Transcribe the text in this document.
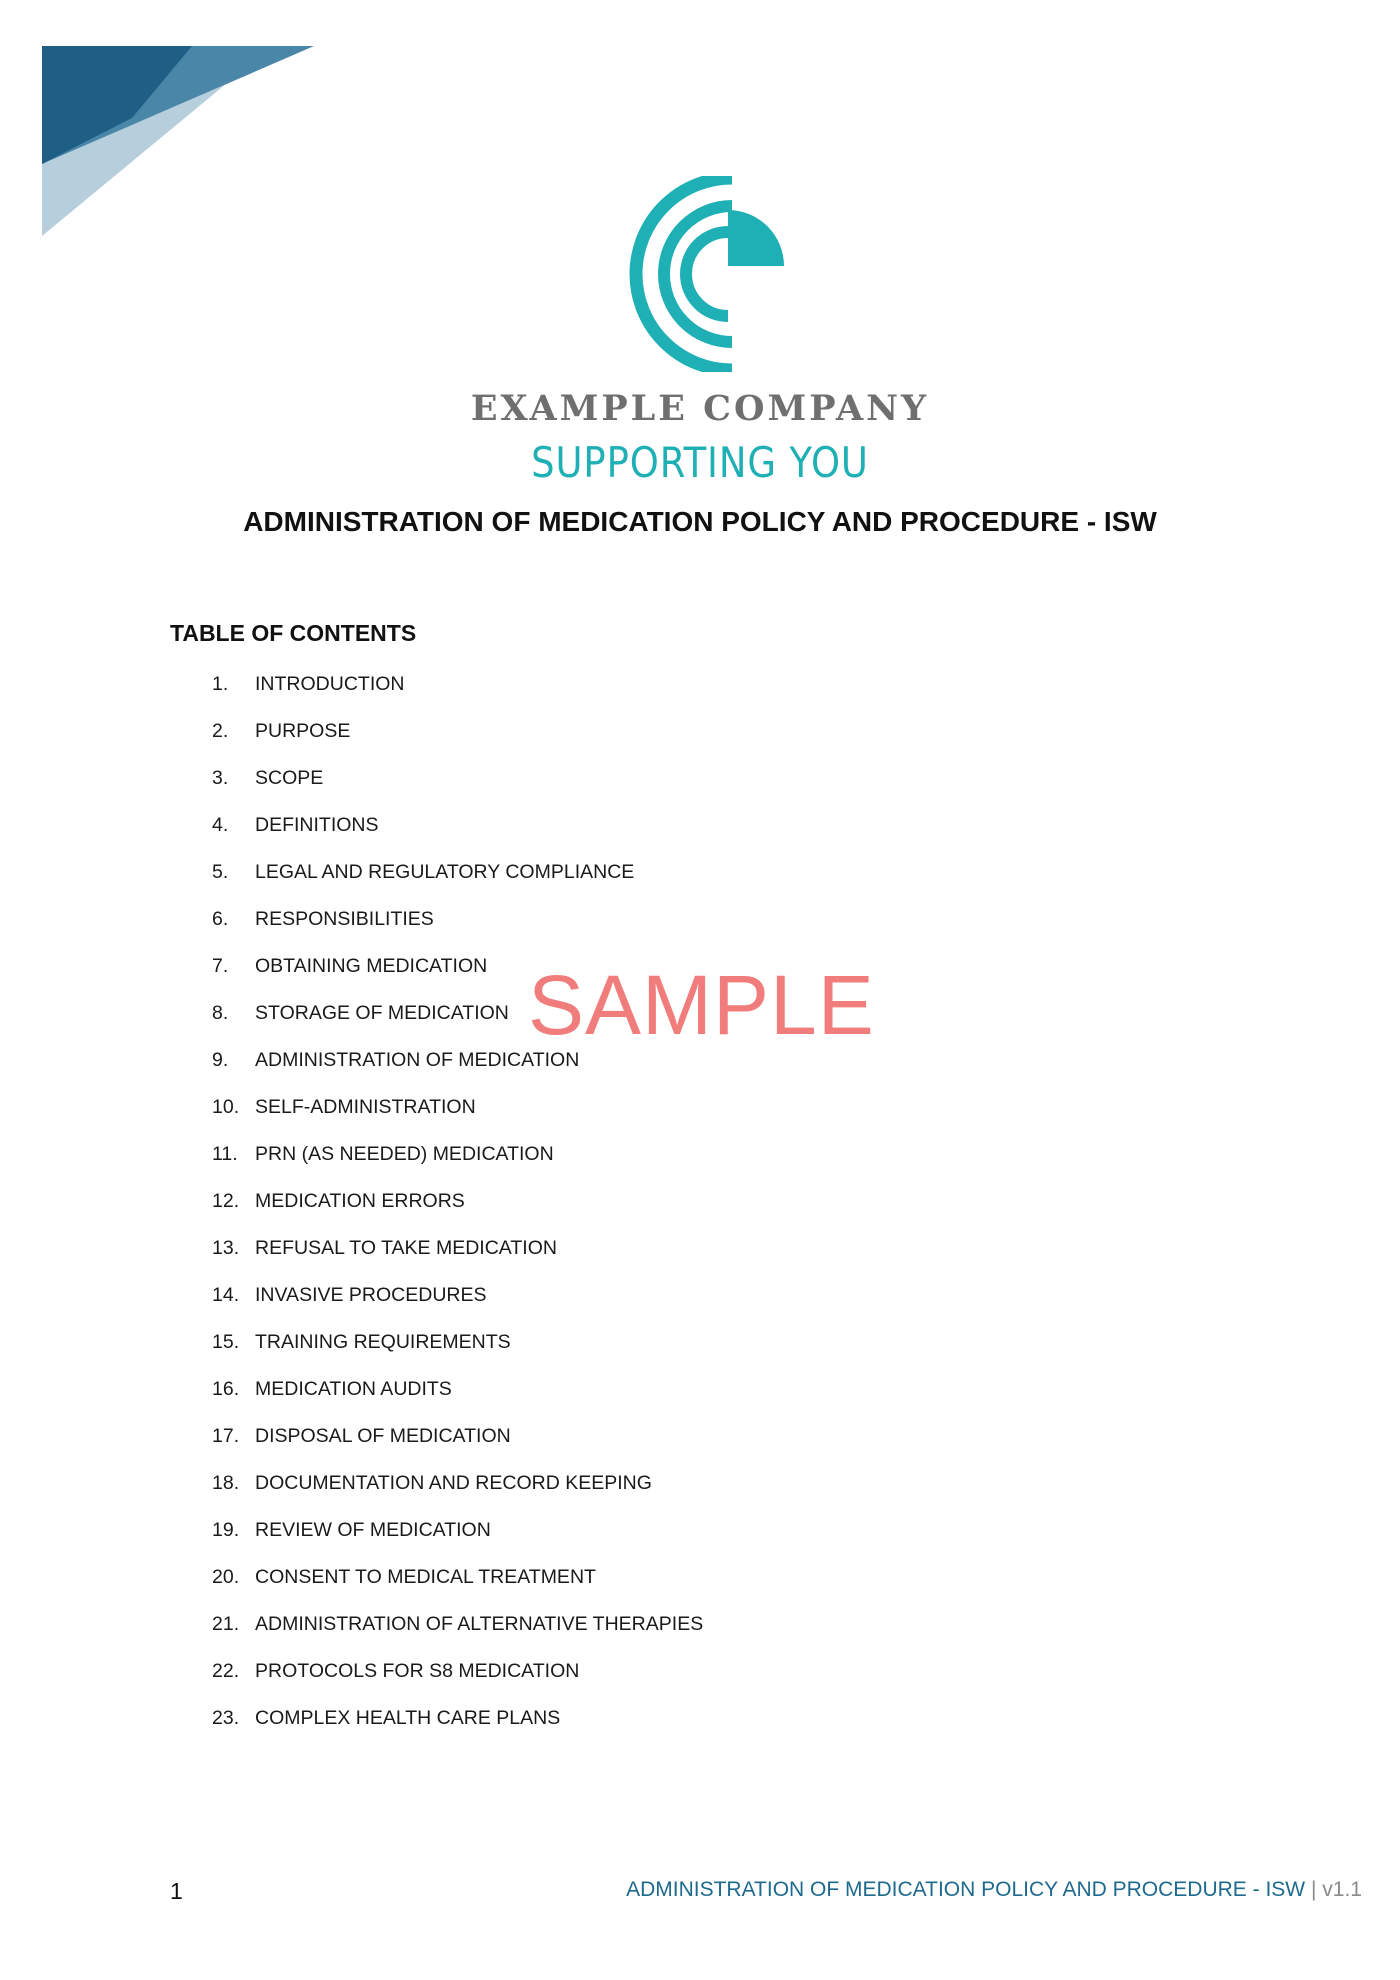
EXAMPLE COMPANY

SUPPORTING YOU

ADMINISTRATION OF MEDICATION POLICY AND PROCEDURE - ISW
TABLE OF CONTENTS
1.	INTRODUCTION
2.	PURPOSE
3.	SCOPE
4.	DEFINITIONS
5.	LEGAL AND REGULATORY COMPLIANCE
6.	RESPONSIBILITIES
7.	OBTAINING MEDICATION
8.	STORAGE OF MEDICATION
9.	ADMINISTRATION OF MEDICATION
10. SELF-ADMINISTRATION
11. PRN (AS NEEDED) MEDICATION
12. MEDICATION ERRORS
13. REFUSAL TO TAKE MEDICATION
14. INVASIVE PROCEDURES
15. TRAINING REQUIREMENTS
16. MEDICATION AUDITS
17. DISPOSAL OF MEDICATION
18. DOCUMENTATION AND RECORD KEEPING
19. REVIEW OF MEDICATION
20. CONSENT TO MEDICAL TREATMENT
21. ADMINISTRATION OF ALTERNATIVE THERAPIES
22. PROTOCOLS FOR S8 MEDICATION
23. COMPLEX HEALTH CARE PLANS

SAMPLE

1	ADMINISTRATION OF MEDICATION POLICY AND PROCEDURE - ISW | v1.1
